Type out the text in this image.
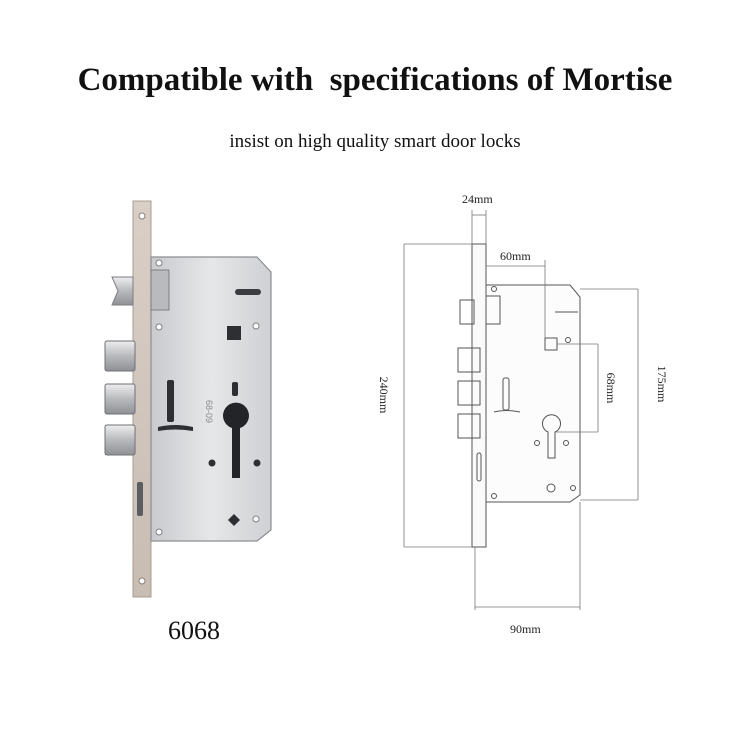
Compatible with  specifications of Mortise
insist on high quality smart door locks
68-09
24mm
60mm
240mm	68mm	175mm
90mm
6068
